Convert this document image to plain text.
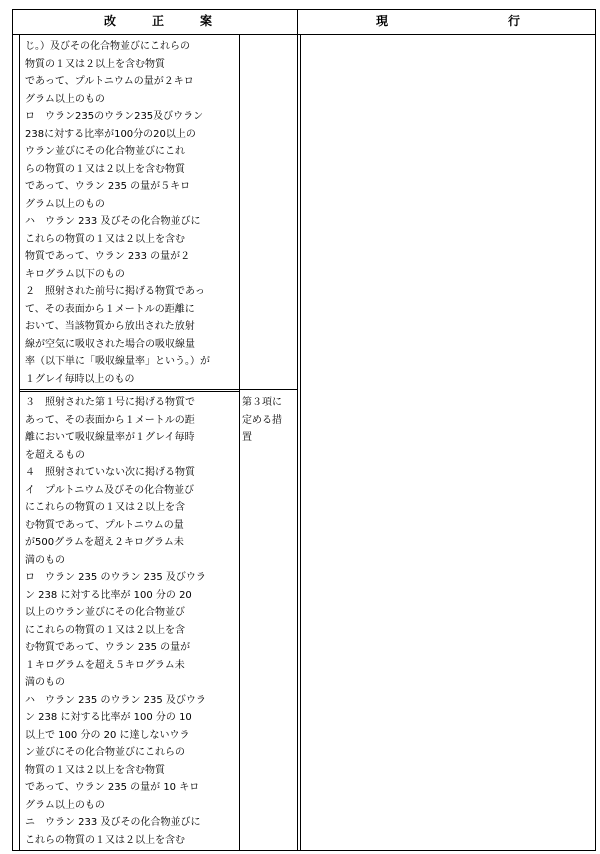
改　　　正　　　案	現　　　　　　　　　　行
じ。）及びその化合物並びにこれらの
物質の１又は２以上を含む物質
であって、プルトニウムの量が２キロ
グラム以上のもの
ロ　ウラン235のウラン235及びウラン
238に対する比率が100分の20以上の
ウラン並びにその化合物並びにこれ
らの物質の１又は２以上を含む物質
であって、ウラン 235 の量が５キロ
グラム以上のもの
ハ　ウラン 233 及びその化合物並びに
これらの物質の１又は２以上を含む
物質であって、ウラン 233 の量が２
キログラム以下のもの
２　照射された前号に掲げる物質であっ
て、その表面から１メートルの距離に
おいて、当該物質から放出された放射
線が空気に吸収された場合の吸収線量
率（以下単に「吸収線量率」という。）が
１グレイ毎時以上のもの
３　照射された第１号に掲げる物質で
あって、その表面から１メートルの距
離において吸収線量率が１グレイ毎時
を超えるもの
４　照射されていない次に掲げる物質
イ　プルトニウム及びその化合物並び
にこれらの物質の１又は２以上を含
む物質であって、プルトニウムの量
が500グラムを超え２キログラム未
満のもの
ロ　ウラン 235 のウラン 235 及びウラ
ン 238 に対する比率が 100 分の 20
以上のウラン並びにその化合物並び
にこれらの物質の１又は２以上を含
む物質であって、ウラン 235 の量が
１キログラムを超え５キログラム未
満のもの
ハ　ウラン 235 のウラン 235 及びウラ
ン 238 に対する比率が 100 分の 10
以上で 100 分の 20 に達しないウラ
ン並びにその化合物並びにこれらの
物質の１又は２以上を含む物質
であって、ウラン 235 の量が 10 キロ
グラム以上のもの
ニ　ウラン 233 及びその化合物並びに
これらの物質の１又は２以上を含む
第３項に
定める措
置
